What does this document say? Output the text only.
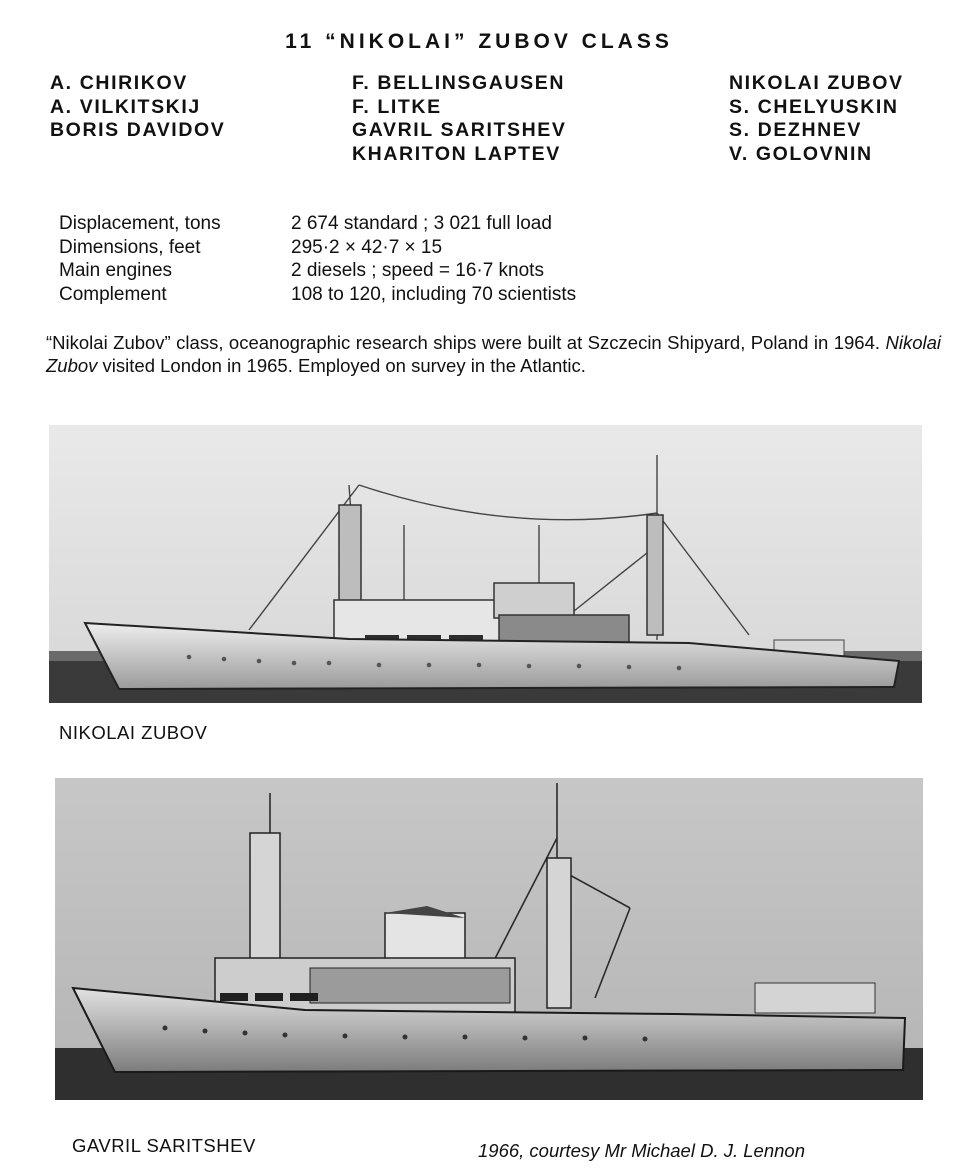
11 “NIKOLAI” ZUBOV CLASS
A. CHIRIKOV
A. VILKITSKIJ
BORIS DAVIDOV
F. BELLINSGAUSEN
F. LITKE
GAVRIL SARITSHEV
KHARITON LAPTEV
NIKOLAI ZUBOV
S. CHELYUSKIN
S. DEZHNEV
V. GOLOVNIN
Displacement, tons	2 674 standard ; 3 021 full load
Dimensions, feet	295·2 × 42·7 × 15
Main engines	2 diesels ; speed = 16·7 knots
Complement	108 to 120, including 70 scientists
“Nikolai Zubov” class, oceanographic research ships were built at Szczecin Shipyard, Poland in 1964. Nikolai Zubov visited London in 1965. Employed on survey in the Atlantic.
NIKOLAI ZUBOV
GAVRIL SARITSHEV	1966, courtesy Mr Michael D. J. Lennon
